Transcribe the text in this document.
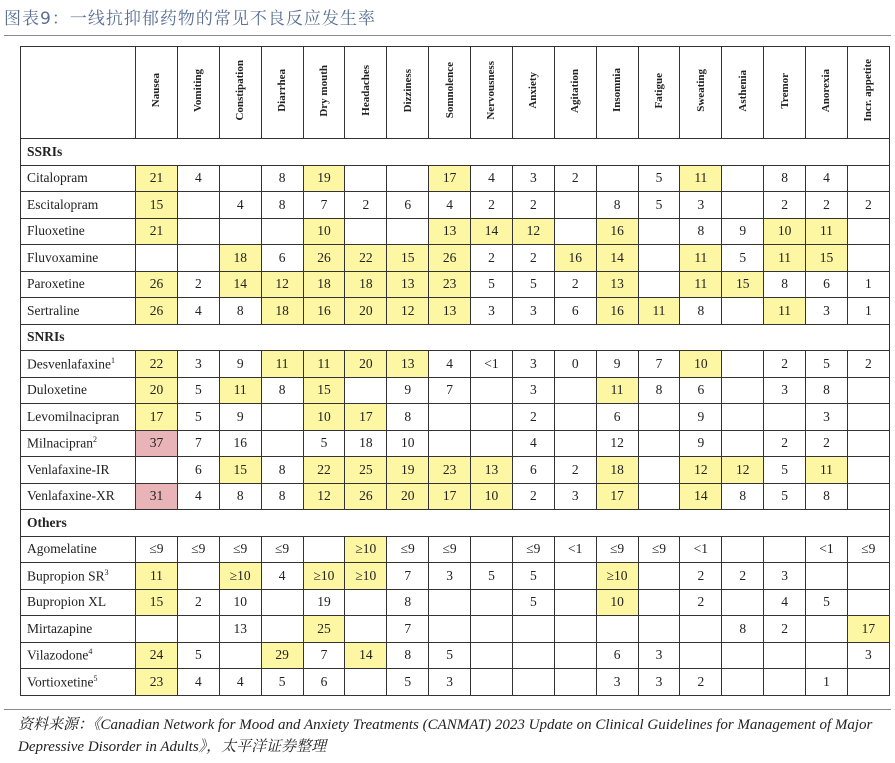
图表9：一线抗抑郁药物的常见不良反应发生率
	Nausea	Vomiting	Constipation	Diarrhea	Dry mouth	Headaches	Dizziness	Somnolence	Nervousness	Anxiety	Agitation	Insomnia	Fatigue	Sweating	Asthenia	Tremor	Anorexia	Incr. appetite
SSRIs																		
Citalopram	21	4		8	19			17	4	3	2		5	11		8	4	
Escitalopram	15		4	8	7	2	6	4	2	2		8	5	3		2	2	2
Fluoxetine	21				10			13	14	12		16		8	9	10	11	
Fluvoxamine			18	6	26	22	15	26	2	2	16	14		11	5	11	15	
Paroxetine	26	2	14	12	18	18	13	23	5	5	2	13		11	15	8	6	1
Sertraline	26	4	8	18	16	20	12	13	3	3	6	16	11	8		11	3	1
SNRIs																		
Desvenlafaxine$^1$	22	3	9	11	11	20	13	4	<1	3	0	9	7	10		2	5	2
Duloxetine	20	5	11	8	15		9	7		3		11	8	6		3	8	
Levomilnacipran	17	5	9		10	17	8			2		6		9			3	
Milnacipran$^2$	37	7	16		5	18	10			4		12		9		2	2	
Venlafaxine-IR		6	15	8	22	25	19	23	13	6	2	18		12	12	5	11	
Venlafaxine-XR	31	4	8	8	12	26	20	17	10	2	3	17		14	8	5	8	
Others																		
Agomelatine	≤9	≤9	≤9	≤9		≥10	≤9	≤9		≤9	<1	≤9	≤9	<1			<1	≤9
Bupropion $SR^3$	11		≥10	4	≥10	≥10	7	3	5	5		≥10		2	2	3		
Bupropion XL	15	2	10		19		8			5		10		2		4	5	
Mirtazapine			13		25		7								8	2		17
Vilazodone$^4$	24	5		29	7	14	8	5				6	3					3
Vortioxetine$^5$	23	4	4	5	6		5	3				3	3	2			1	
资料来源：《Canadian Network for Mood and Anxiety Treatments (CANMAT) 2023 Update on Clinical Guidelines for Management of Major Depressive Disorder in Adults》，太平洋证券整理
